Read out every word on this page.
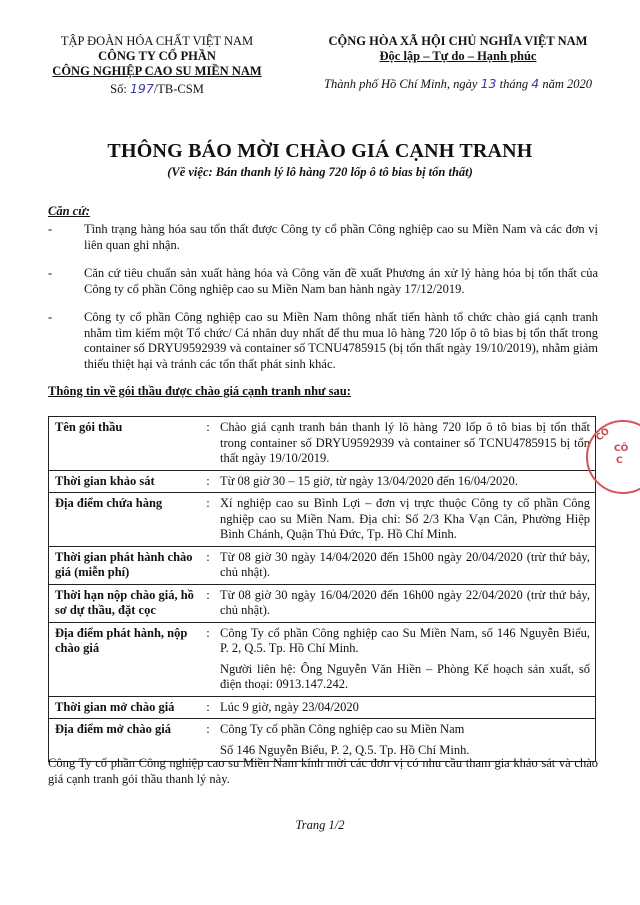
TẬP ĐOÀN HÓA CHẤT VIỆT NAM
CÔNG TY CỔ PHẦN
CÔNG NGHIỆP CAO SU MIỀN NAM
Số: 197/TB-CSM
CỘNG HÒA XÃ HỘI CHỦ NGHĨA VIỆT NAM
Độc lập – Tự do – Hạnh phúc
Thành phố Hồ Chí Minh, ngày 13 tháng 4 năm 2020
THÔNG BÁO MỜI CHÀO GIÁ CẠNH TRANH
(Về việc: Bán thanh lý lô hàng 720 lốp ô tô bias bị tổn thất)
Căn cứ:
-	Tình trạng hàng hóa sau tổn thất được Công ty cổ phần Công nghiệp cao su Miền Nam và các đơn vị liên quan ghi nhận.
-	Căn cứ tiêu chuẩn sản xuất hàng hóa và Công văn đề xuất Phương án xử lý hàng hóa bị tổn thất của Công ty cổ phần Công nghiệp cao su Miền Nam ban hành ngày 17/12/2019.
-	Công ty cổ phần Công nghiệp cao su Miền Nam thông nhất tiến hành tổ chức chào giá cạnh tranh nhằm tìm kiếm một Tổ chức/ Cá nhân duy nhất để thu mua lô hàng 720 lốp ô tô bias bị tổn thất trong container số DRYU9592939 và container số TCNU4785915 (bị tổn thất ngày 19/10/2019), nhằm giảm thiểu thiệt hại và tránh các tổn thất phát sinh khác.
Thông tin về gói thầu được chào giá cạnh tranh như sau:
Tên gói thầu	:	Chào giá cạnh tranh bán thanh lý lô hàng 720 lốp ô tô bias bị tổn thất trong container số DRYU9592939 và container số TCNU4785915 bị tổn thất ngày 19/10/2019.
Thời gian khảo sát	:	Từ 08 giờ 30 – 15 giờ, từ ngày 13/04/2020 đến 16/04/2020.
Địa điểm chứa hàng	:	Xí nghiệp cao su Bình Lợi – đơn vị trực thuộc Công ty cổ phần Công nghiệp cao su Miền Nam. Địa chỉ: Số 2/3 Kha Vạn Cân, Phường Hiệp Bình Chánh, Quận Thủ Đức, Tp. Hồ Chí Minh.
Thời gian phát hành chào giá (miễn phí)	:	Từ 08 giờ 30 ngày 14/04/2020 đến 15h00 ngày 20/04/2020 (trừ thứ bảy, chủ nhật).
Thời hạn nộp chào giá, hồ sơ dự thầu, đặt cọc	:	Từ 08 giờ 30 ngày 16/04/2020 đến 16h00 ngày 22/04/2020 (trừ thứ bảy, chủ nhật).
Địa điểm phát hành, nộp chào giá	:	Công Ty cổ phần Công nghiệp cao Su Miền Nam, số 146 Nguyễn Biểu, P. 2, Q.5. Tp. Hồ Chí Minh.
Người liên hệ: Ông Nguyễn Văn Hiền – Phòng Kế hoạch sản xuất, số điện thoại: 0913.147.242.

Thời gian mở chào giá	:	Lúc 9 giờ, ngày 23/04/2020
Địa điểm mở chào giá	:	Công Ty cổ phần Công nghiệp cao su Miền Nam
Số 146 Nguyễn Biểu, P. 2, Q.5. Tp. Hồ Chí Minh.
CÔ
CÔ
C
Công Ty cổ phần Công nghiệp cao su Miền Nam kính mời các đơn vị có nhu cầu tham gia khảo sát và chào giá cạnh tranh gói thầu thanh lý này.
Trang 1/2
